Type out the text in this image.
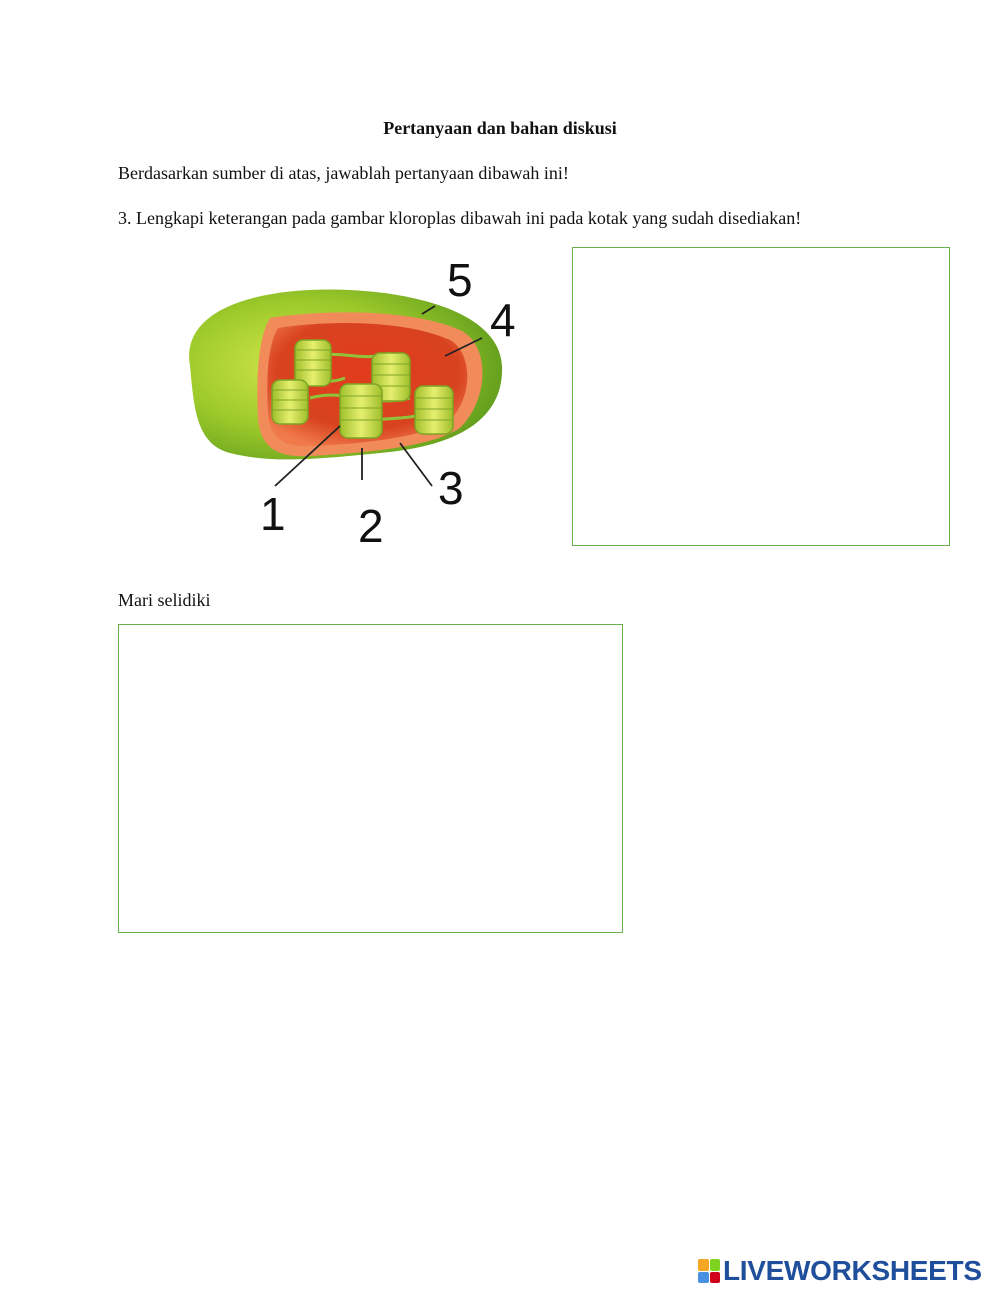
Pertanyaan dan bahan diskusi
Berdasarkan sumber di atas, jawablah pertanyaan dibawah ini!
3. Lengkapi keterangan pada gambar kloroplas dibawah ini pada kotak yang sudah disediakan!
1 2
3
4
5
Mari selidiki
LIVEWORKSHEETS
